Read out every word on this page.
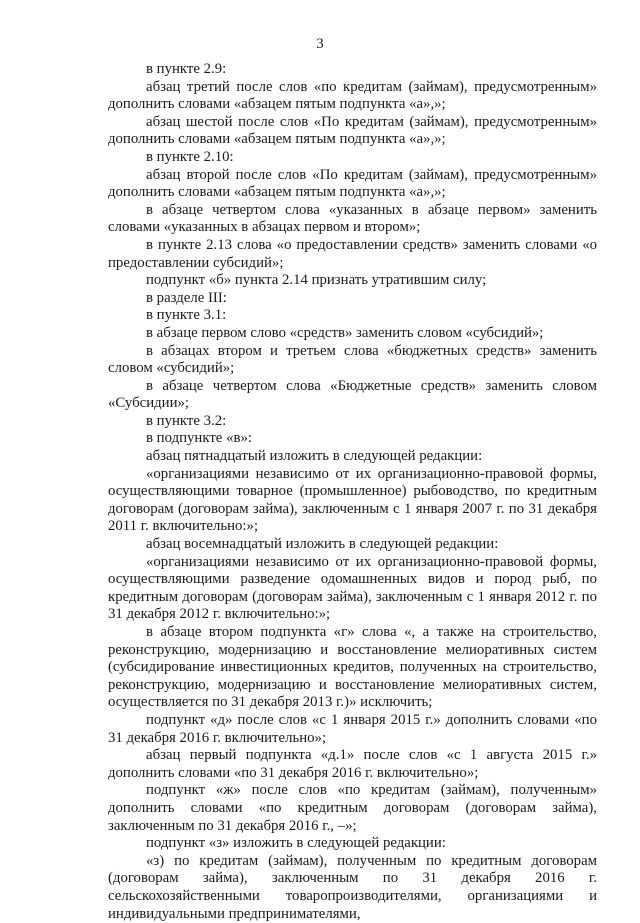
3

в пункте 2.9:

абзац третий после слов «по кредитам (займам), предусмотренным» дополнить словами «абзацем пятым подпункта «а»,»;

абзац шестой после слов «По кредитам (займам), предусмотренным» дополнить словами «абзацем пятым подпункта «а»,»;

в пункте 2.10:

абзац второй после слов «По кредитам (займам), предусмотренным» дополнить словами «абзацем пятым подпункта «а»,»;

в абзаце четвертом слова «указанных в абзаце первом» заменить словами «указанных в абзацах первом и втором»;

в пункте 2.13 слова «о предоставлении средств» заменить словами «о предоставлении субсидий»;

подпункт «б» пункта 2.14 признать утратившим силу;

в разделе III:

в пункте 3.1:

в абзаце первом слово «средств» заменить словом «субсидий»;

в абзацах втором и третьем слова «бюджетных средств» заменить словом «субсидий»;

в абзаце четвертом слова «Бюджетные средств» заменить словом «Субсидии»;

в пункте 3.2:

в подпункте «в»:

абзац пятнадцатый изложить в следующей редакции:

«организациями независимо от их организационно-правовой формы, осуществляющими товарное (промышленное) рыбоводство, по кредитным договорам (договорам займа), заключенным с 1 января 2007 г. по 31 декабря 2011 г. включительно:»;

абзац восемнадцатый изложить в следующей редакции:

«организациями независимо от их организационно-правовой формы, осуществляющими разведение одомашненных видов и пород рыб, по кредитным договорам (договорам займа), заключенным с 1 января 2012 г. по 31 декабря 2012 г. включительно:»;

в абзаце втором подпункта «г» слова «, а также на строительство, реконструкцию, модернизацию и восстановление мелиоративных систем (субсидирование инвестиционных кредитов, полученных на строительство, реконструкцию, модернизацию и восстановление мелиоративных систем, осуществляется по 31 декабря 2013 г.)» исключить;

подпункт «д» после слов «с 1 января 2015 г.» дополнить словами «по 31 декабря 2016 г. включительно»;

абзац первый подпункта «д.1» после слов «с 1 августа 2015 г.» дополнить словами «по 31 декабря 2016 г. включительно»;

подпункт «ж» после слов «по кредитам (займам), полученным» дополнить словами «по кредитным договорам (договорам займа), заключенным по 31 декабря 2016 г., –»;

подпункт «з» изложить в следующей редакции:

«з) по кредитам (займам), полученным по кредитным договорам (договорам займа), заключенным по 31 декабря 2016 г. сельскохозяйственными товаропроизводителями, организациями и индивидуальными предпринимателями,
